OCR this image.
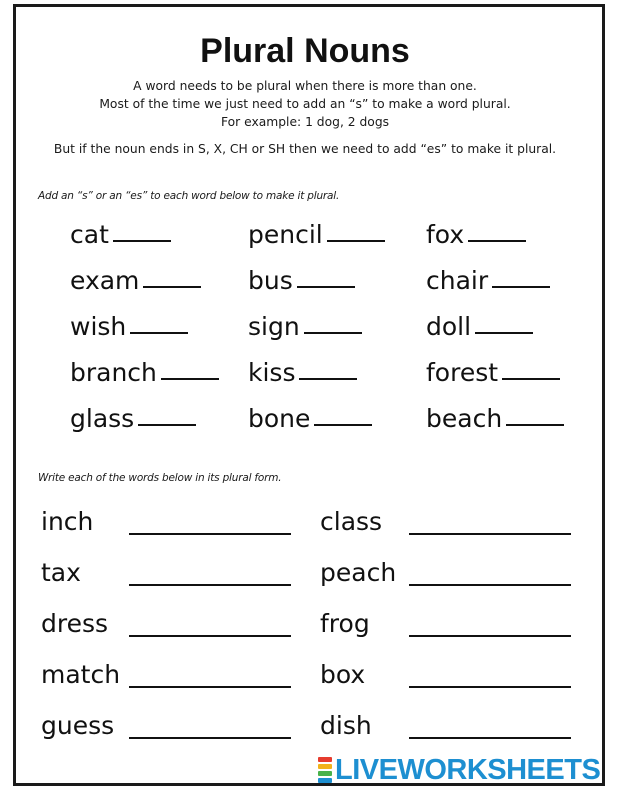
Plural Nouns
A word needs to be plural when there is more than one.
Most of the time we just need to add an “s” to make a word plural.
For example: 1 dog, 2 dogs
But if the noun ends in S, X, CH or SH then we need to add “es” to make it plural.
Add an “s” or an “es” to each word below to make it plural.
cat	pencil	fox
exam	bus	chair
wish	sign	doll
branch	kiss	forest
glass	bone	beach
Write each of the words below in its plural form.
inch	class
tax	peach
dress	frog
match	box
guess	dish
LIVEWORKSHEETS
